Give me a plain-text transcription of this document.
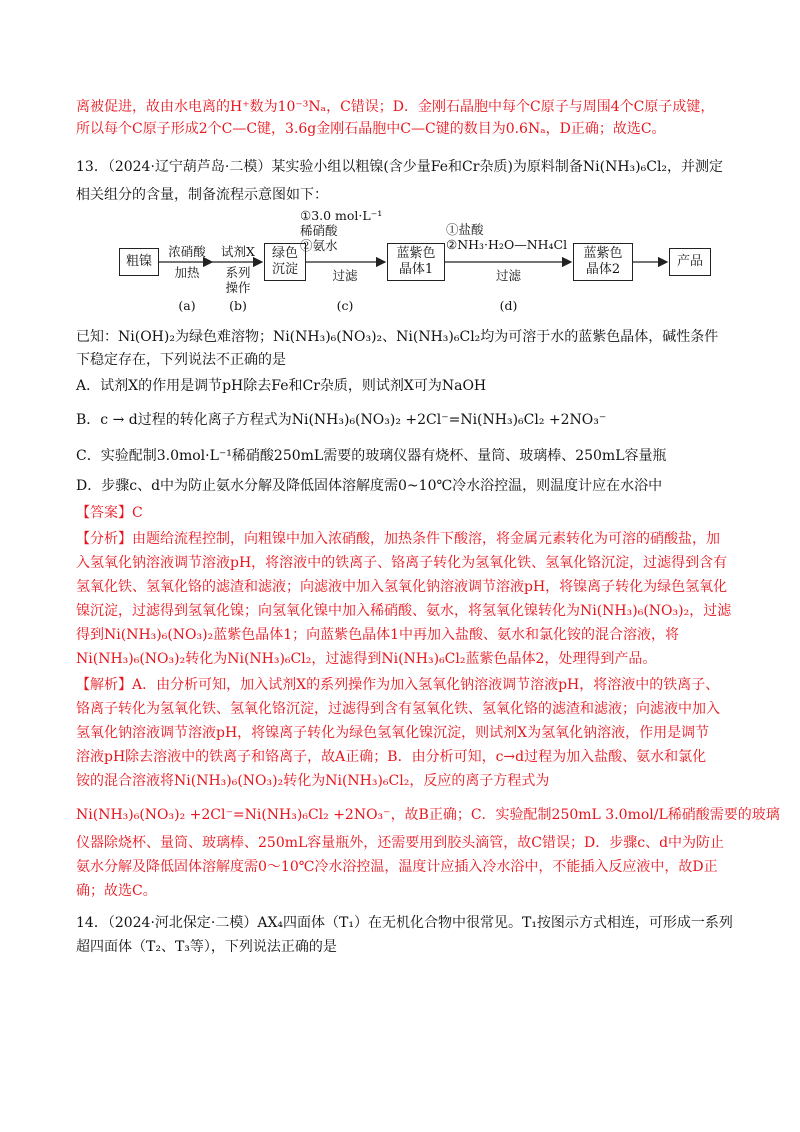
离被促进，故由水电离的H⁺数为10⁻³Nₐ，C错误；D．金刚石晶胞中每个C原子与周围4个C原子成键，
所以每个C原子形成2个C—C键，3.6g金刚石晶胞中C—C键的数目为0.6Nₐ，D正确；故选C。
13．（2024·辽宁葫芦岛·二模）某实验小组以粗镍(含少量Fe和Cr杂质)为原料制备Ni(NH₃)₆Cl₂，并测定
相关组分的含量，制备流程示意图如下：
已知：Ni(OH)₂为绿色难溶物；Ni(NH₃)₆(NO₃)₂、Ni(NH₃)₆Cl₂均为可溶于水的蓝紫色晶体，碱性条件
下稳定存在，下列说法不正确的是
A．试剂X的作用是调节pH除去Fe和Cr杂质，则试剂X可为NaOH
B．c → d过程的转化离子方程式为Ni(NH₃)₆(NO₃)₂ +2Cl⁻=Ni(NH₃)₆Cl₂ +2NO₃⁻
C．实验配制3.0mol·L⁻¹稀硝酸250mL需要的玻璃仪器有烧杯、量筒、玻璃棒、250mL容量瓶
D．步骤c、d中为防止氨水分解及降低固体溶解度需0~10℃冷水浴控温，则温度计应在水浴中
【答案】C
【分析】由题给流程控制，向粗镍中加入浓硝酸，加热条件下酸溶，将金属元素转化为可溶的硝酸盐，加
入氢氧化钠溶液调节溶液pH，将溶液中的铁离子、铬离子转化为氢氧化铁、氢氧化铬沉淀，过滤得到含有
氢氧化铁、氢氧化铬的滤渣和滤液；向滤液中加入氢氧化钠溶液调节溶液pH，将镍离子转化为绿色氢氧化
镍沉淀，过滤得到氢氧化镍；向氢氧化镍中加入稀硝酸、氨水，将氢氧化镍转化为Ni(NH₃)₆(NO₃)₂，过滤
得到Ni(NH₃)₆(NO₃)₂蓝紫色晶体1；向蓝紫色晶体1中再加入盐酸、氨水和氯化铵的混合溶液，将
Ni(NH₃)₆(NO₃)₂转化为Ni(NH₃)₆Cl₂，过滤得到Ni(NH₃)₆Cl₂蓝紫色晶体2，处理得到产品。
【解析】A．由分析可知，加入试剂X的系列操作为加入氢氧化钠溶液调节溶液pH，将溶液中的铁离子、
铬离子转化为氢氧化铁、氢氧化铬沉淀，过滤得到含有氢氧化铁、氢氧化铬的滤渣和滤液；向滤液中加入
氢氧化钠溶液调节溶液pH，将镍离子转化为绿色氢氧化镍沉淀，则试剂X为氢氧化钠溶液，作用是调节
溶液pH除去溶液中的铁离子和铬离子，故A正确；B．由分析可知，c→d过程为加入盐酸、氨水和氯化
铵的混合溶液将Ni(NH₃)₆(NO₃)₂转化为Ni(NH₃)₆Cl₂，反应的离子方程式为
Ni(NH₃)₆(NO₃)₂ +2Cl⁻=Ni(NH₃)₆Cl₂ +2NO₃⁻，故B正确；C．实验配制250mL 3.0mol/L稀硝酸需要的玻璃
仪器除烧杯、量筒、玻璃棒、250mL容量瓶外，还需要用到胶头滴管，故C错误；D．步骤c、d中为防止
氨水分解及降低固体溶解度需0～10℃冷水浴控温，温度计应插入冷水浴中，不能插入反应液中，故D正
确；故选C。
14．（2024·河北保定·二模）AX₄四面体（T₁）在无机化合物中很常见。T₁按图示方式相连，可形成一系列
超四面体（T₂、T₃等），下列说法正确的是
粗镍
绿色
沉淀
蓝紫色
晶体1
蓝紫色
晶体2
产品
浓硝酸
加热
(a)
试剂X
系列
操作
(b)
①3.0 mol·L⁻¹
稀硝酸
②氨水
过滤
(c)
①盐酸
②NH₃·H₂O—NH₄Cl
过滤
(d)
